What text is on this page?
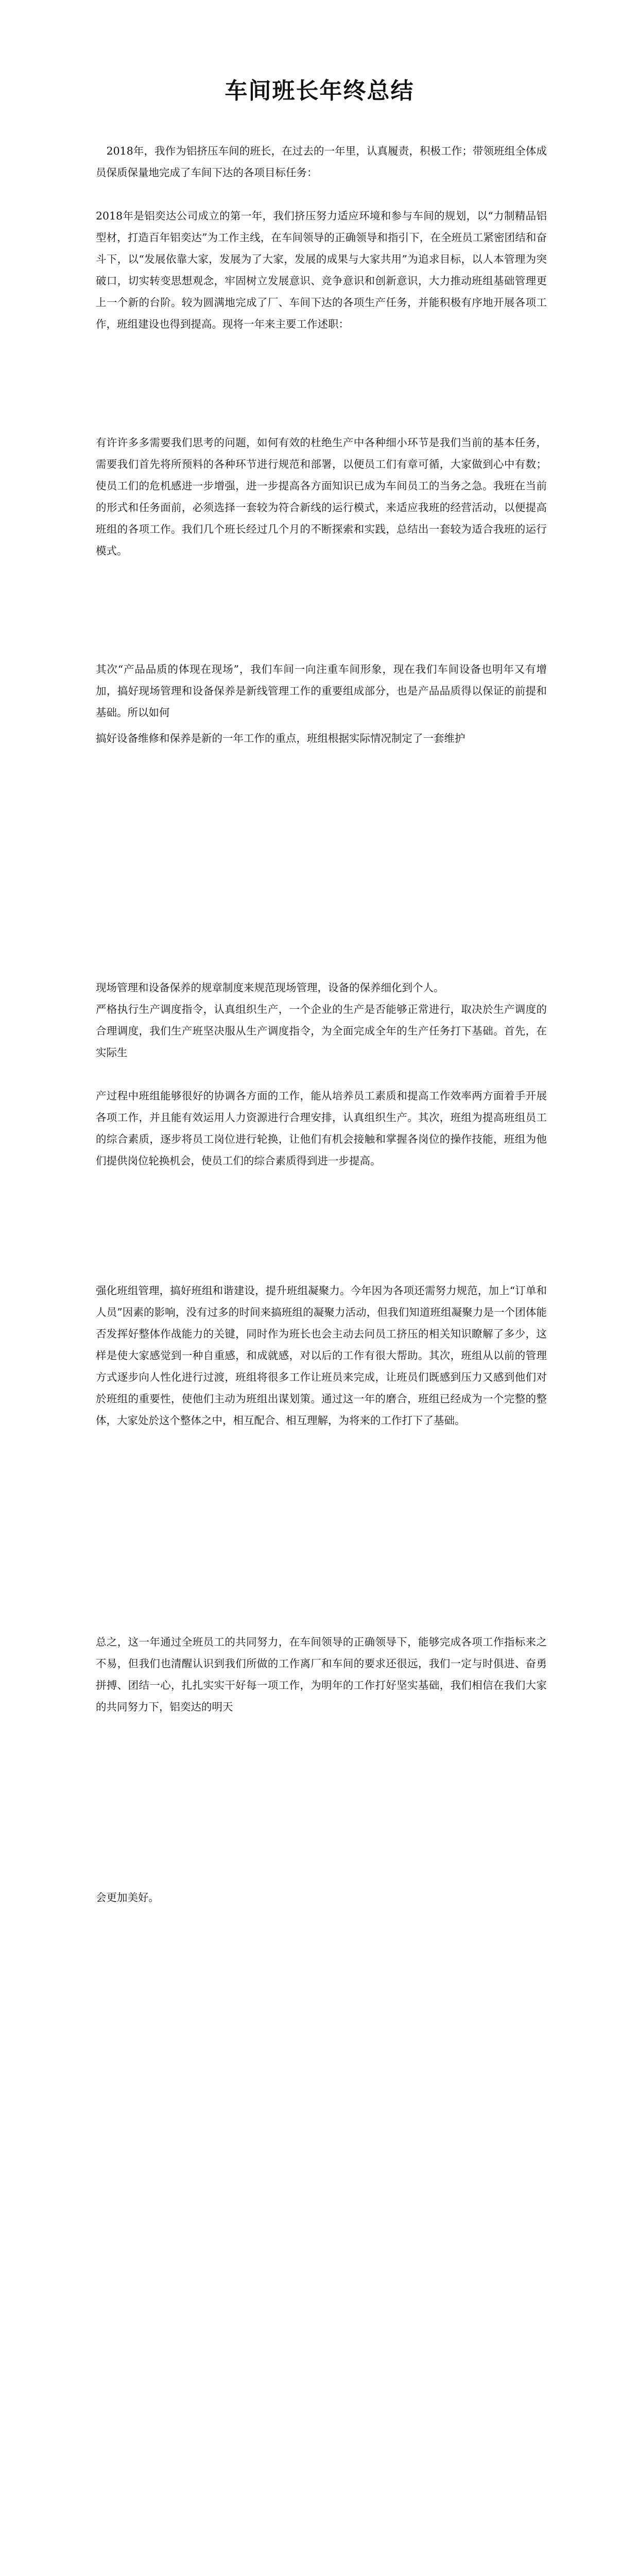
车间班长年终总结

　2018年，我作为铝挤压车间的班长，在过去的一年里，认真履责，积极工作；带领班组全体成员保质保量地完成了车间下达的各项目标任务：

2018年是铝奕达公司成立的第一年，我们挤压努力适应环境和参与车间的规划，以“力制精品铝型材，打造百年铝奕达”为工作主线，在车间领导的正确领导和指引下，在全班员工紧密团结和奋斗下，以“发展依靠大家，发展为了大家，发展的成果与大家共用”为追求目标，以人本管理为突破口，切实转变思想观念，牢固树立发展意识、竞争意识和创新意识，大力推动班组基础管理更上一个新的台阶。较为圆满地完成了厂、车间下达的各项生产任务，并能积极有序地开展各项工作，班组建设也得到提高。现将一年来主要工作述职：

有许许多多需要我们思考的问题，如何有效的杜绝生产中各种细小环节是我们当前的基本任务，需要我们首先将所预料的各种环节进行规范和部署，以便员工们有章可循，大家做到心中有数；使员工们的危机感进一步增强，进一步提高各方面知识已成为车间员工的当务之急。我班在当前的形式和任务面前，必须选择一套较为符合新线的运行模式，来适应我班的经营活动，以便提高班组的各项工作。我们几个班长经过几个月的不断探索和实践，总结出一套较为适合我班的运行模式。

其次“产品品质的体现在现场”，我们车间一向注重车间形象，现在我们车间设备也明年又有增加，搞好现场管理和设备保养是新线管理工作的重要组成部分，也是产品品质得以保证的前提和基础。所以如何

搞好设备维修和保养是新的一年工作的重点，班组根据实际情况制定了一套维护

现场管理和设备保养的规章制度来规范现场管理，设备的保养细化到个人。

严格执行生产调度指令，认真组织生产，一个企业的生产是否能够正常进行，取决於生产调度的合理调度，我们生产班坚决服从生产调度指令，为全面完成全年的生产任务打下基础。首先，在实际生

产过程中班组能够很好的协调各方面的工作，能从培养员工素质和提高工作效率两方面着手开展各项工作，并且能有效运用人力资源进行合理安排，认真组织生产。其次，班组为提高班组员工的综合素质，逐步将员工岗位进行轮换，让他们有机会接触和掌握各岗位的操作技能，班组为他们提供岗位轮换机会，使员工们的综合素质得到进一步提高。

强化班组管理，搞好班组和谐建设，提升班组凝聚力。今年因为各项还需努力规范，加上“订单和人员”因素的影响，没有过多的时间来搞班组的凝聚力活动，但我们知道班组凝聚力是一个团体能否发挥好整体作战能力的关键，同时作为班长也会主动去问员工挤压的相关知识瞭解了多少，这样是使大家感觉到一种自重感，和成就感，对以后的工作有很大帮助。其次，班组从以前的管理方式逐步向人性化进行过渡，班组将很多工作让班员来完成，让班员们既感到压力又感到他们对於班组的重要性，使他们主动为班组出谋划策。通过这一年的磨合，班组已经成为一个完整的整体，大家处於这个整体之中，相互配合、相互理解，为将来的工作打下了基础。

总之，这一年通过全班员工的共同努力，在车间领导的正确领导下，能够完成各项工作指标来之不易，但我们也清醒认识到我们所做的工作离厂和车间的要求还很远，我们一定与时俱进、奋勇拼搏、团结一心，扎扎实实干好每一项工作，为明年的工作打好坚实基础，我们相信在我们大家的共同努力下，铝奕达的明天

会更加美好。
